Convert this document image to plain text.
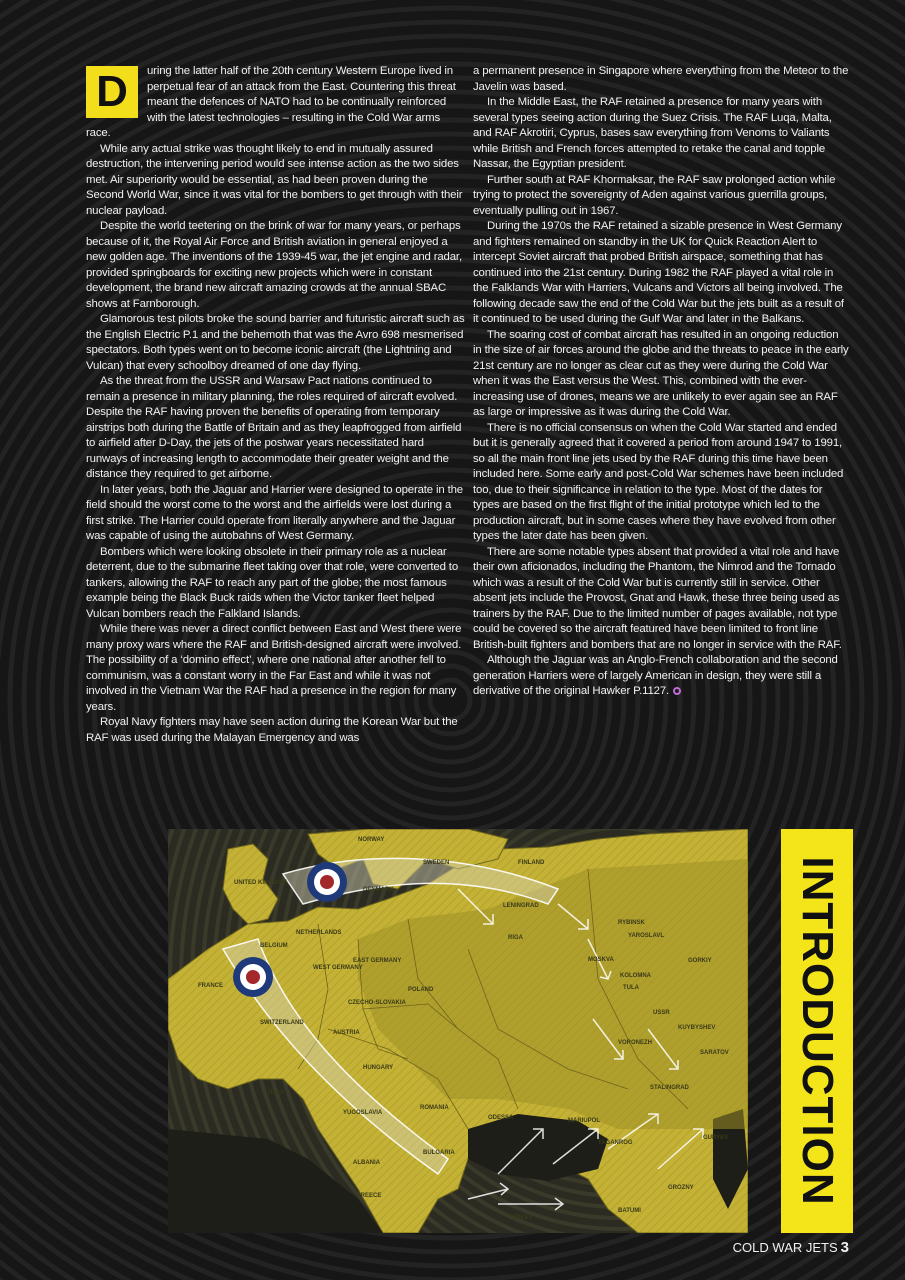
D	uring the latter half of the 20th century Western Europe lived in perpetual fear of an attack from the East. Countering this threat meant the defences of NATO had to be continually reinforced with the latest technologies – resulting in the Cold War arms race.

While any actual strike was thought likely to end in mutually assured destruction, the intervening period would see intense action as the two sides met. Air superiority would be essential, as had been proven during the Second World War, since it was vital for the bombers to get through with their nuclear payload.

Despite the world teetering on the brink of war for many years, or perhaps because of it, the Royal Air Force and British aviation in general enjoyed a new golden age. The inventions of the 1939-45 war, the jet engine and radar, provided springboards for exciting new projects which were in constant development, the brand new aircraft amazing crowds at the annual SBAC shows at Farnborough.

Glamorous test pilots broke the sound barrier and futuristic aircraft such as the English Electric P.1 and the behemoth that was the Avro 698 mesmerised spectators. Both types went on to become iconic aircraft (the Lightning and Vulcan) that every schoolboy dreamed of one day flying.

As the threat from the USSR and Warsaw Pact nations continued to remain a presence in military planning, the roles required of aircraft evolved. Despite the RAF having proven the benefits of operating from temporary airstrips both during the Battle of Britain and as they leapfrogged from airfield to airfield after D-Day, the jets of the postwar years necessitated hard runways of increasing length to accommodate their greater weight and the distance they required to get airborne.

In later years, both the Jaguar and Harrier were designed to operate in the field should the worst come to the worst and the airfields were lost during a first strike. The Harrier could operate from literally anywhere and the Jaguar was capable of using the autobahns of West Germany.

Bombers which were looking obsolete in their primary role as a nuclear deterrent, due to the submarine fleet taking over that role, were converted to tankers, allowing the RAF to reach any part of the globe; the most famous example being the Black Buck raids when the Victor tanker fleet helped Vulcan bombers reach the Falkland Islands.

While there was never a direct conflict between East and West there were many proxy wars where the RAF and British-designed aircraft were involved. The possibility of a ‘domino effect’, where one national after another fell to communism, was a constant worry in the Far East and while it was not involved in the Vietnam War the RAF had a presence in the region for many years.

Royal Navy fighters may have seen action during the Korean War but the RAF was used during the Malayan Emergency and was

a permanent presence in Singapore where everything from the Meteor to the Javelin was based.

In the Middle East, the RAF retained a presence for many years with several types seeing action during the Suez Crisis. The RAF Luqa, Malta, and RAF Akrotiri, Cyprus, bases saw everything from Venoms to Valiants while British and French forces attempted to retake the canal and topple Nassar, the Egyptian president.

Further south at RAF Khormaksar, the RAF saw prolonged action while trying to protect the sovereignty of Aden against various guerrilla groups, eventually pulling out in 1967.

During the 1970s the RAF retained a sizable presence in West Germany and fighters remained on standby in the UK for Quick Reaction Alert to intercept Soviet aircraft that probed British airspace, something that has continued into the 21st century. During 1982 the RAF played a vital role in the Falklands War with Harriers, Vulcans and Victors all being involved. The following decade saw the end of the Cold War but the jets built as a result of it continued to be used during the Gulf War and later in the Balkans.

The soaring cost of combat aircraft has resulted in an ongoing reduction in the size of air forces around the globe and the threats to peace in the early 21st century are no longer as clear cut as they were during the Cold War when it was the East versus the West. This, combined with the ever-increasing use of drones, means we are unlikely to ever again see an RAF as large or impressive as it was during the Cold War.

There is no official consensus on when the Cold War started and ended but it is generally agreed that it covered a period from around 1947 to 1991, so all the main front line jets used by the RAF during this time have been included here. Some early and post-Cold War schemes have been included too, due to their significance in relation to the type. Most of the dates for types are based on the first flight of the initial prototype which led to the production aircraft, but in some cases where they have evolved from other types the later date has been given.

There are some notable types absent that provided a vital role and have their own aficionados, including the Phantom, the Nimrod and the Tornado which was a result of the Cold War but is currently still in service. Other absent jets include the Provost, Gnat and Hawk, these three being used as trainers by the RAF. Due to the limited number of pages available, not type could be covered so the aircraft featured have been limited to front line British-built fighters and bombers that are no longer in service with the RAF.

Although the Jaguar was an Anglo-French collaboration and the second generation Harriers were of largely American in design, they were still a derivative of the original Hawker P.1127.

NORWAY
SWEDEN	FINLAND
UNITED KINGDOM
DENMARK
LENINGRAD
RIGA
NETHERLANDS
BELGIUM
WEST GERMANY
EAST GERMANY
POLAND
FRANCE
CZECHO-SLOVAKIA
SWITZERLAND
AUSTRIA
HUNGARY
ITALY
YUGOSLAVIA
ROMANIA
BULGARIA
ALBANIA
GREECE
TURKEY
MOSKVA
RYBINSK
YAROSLAVL
GORKIY
KOLOMNA
TULA
USSR
KUYBYSHEV
VORONEZH
SARATOV
STALINGRAD
ODESSA	MARIUPOL
TAGANROG
GURYEV
GROZNY
BATUMI
INTRODUCTION
COLD WAR JETS 3
